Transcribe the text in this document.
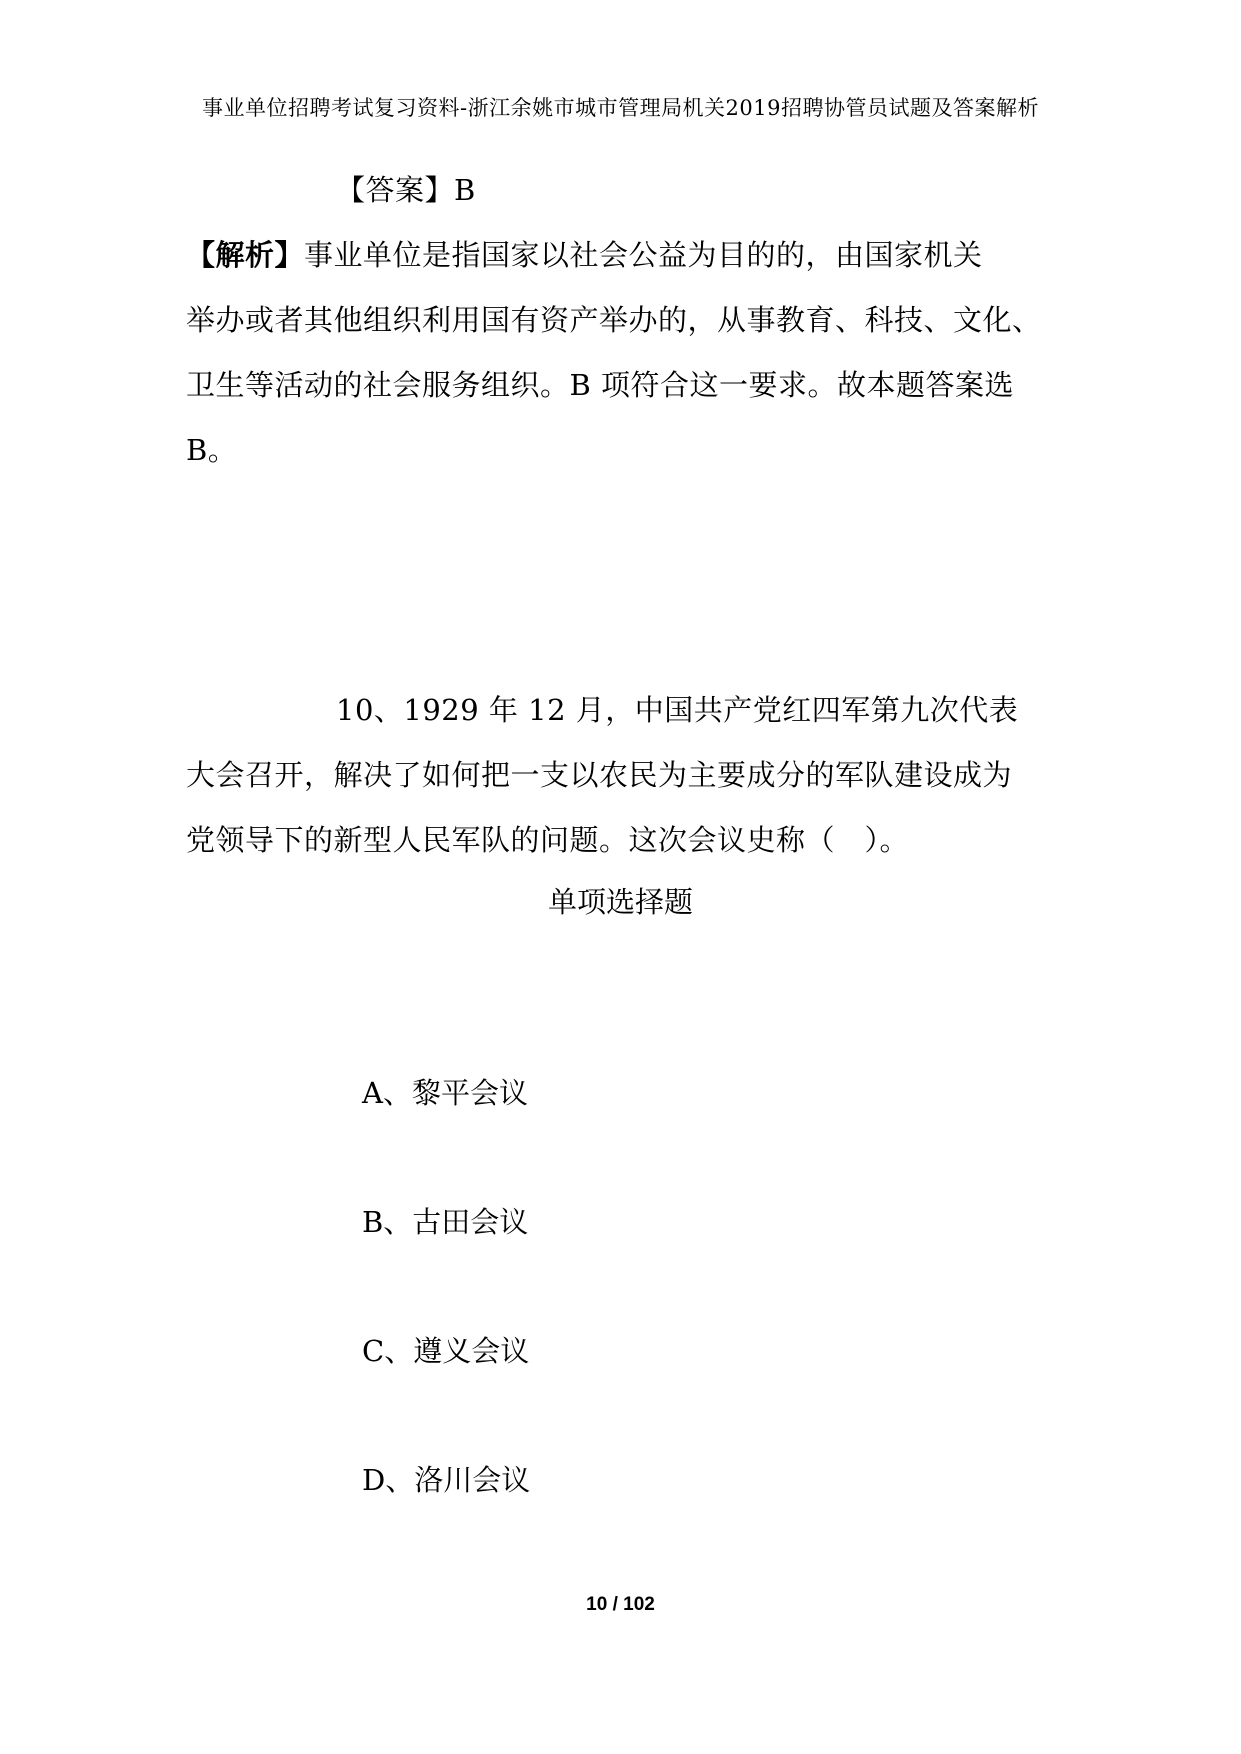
事业单位招聘考试复习资料-浙江余姚市城市管理局机关2019招聘协管员试题及答案解析
【答案】B
【解析】事业单位是指国家以社会公益为目的的，由国家机关
举办或者其他组织利用国有资产举办的，从事教育、科技、文化、
卫生等活动的社会服务组织。B 项符合这一要求。故本题答案选
B。
10、1929 年 12 月，中国共产党红四军第九次代表
大会召开，解决了如何把一支以农民为主要成分的军队建设成为
党领导下的新型人民军队的问题。这次会议史称（　）。
单项选择题
A、黎平会议
B、古田会议
C、遵义会议
D、洛川会议
10 / 102
